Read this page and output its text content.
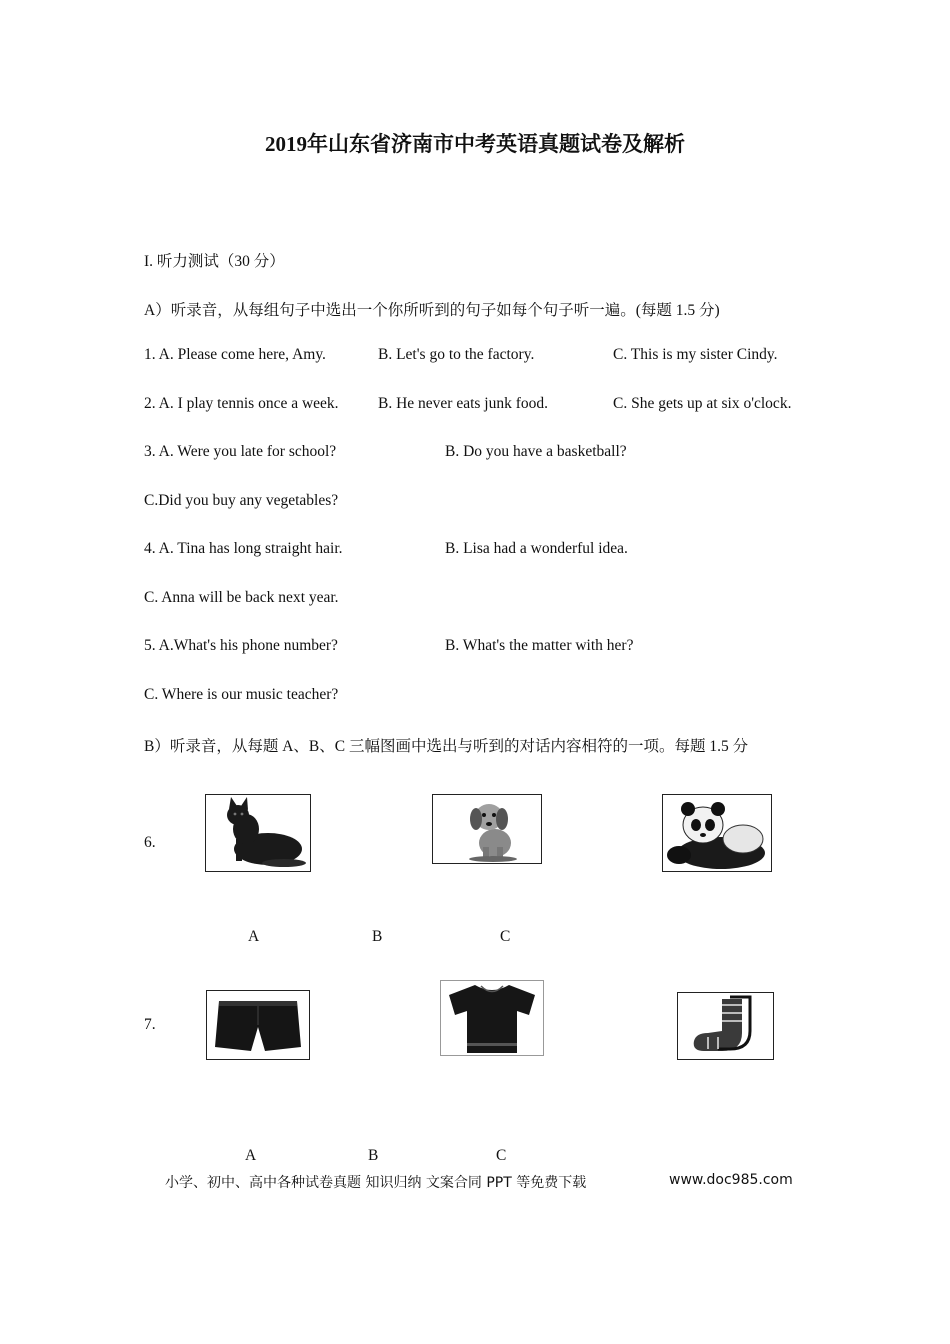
2019年山东省济南市中考英语真题试卷及解析
I. 听力测试（30 分）
A）听录音，从每组句子中选出一个你所听到的句子如每个句子听一遍。(每题 1.5 分)
1. A. Please come here, Amy.	B. Let's go to the factory.	C. This is my sister Cindy.
2. A. I play tennis once a week.	B. He never eats junk food.	C. She gets up at six o'clock.
3. A. Were you late for school?	B. Do you have a basketball?
C.Did you buy any vegetables?
4. A. Tina has long straight hair.	B. Lisa had a wonderful idea.
C. Anna will be back next year.
5. A.What's his phone number?	B. What's the matter with her?
C. Where is our music teacher?
B）听录音，从每题 A、B、C 三幅图画中选出与听到的对话内容相符的一项。每题 1.5 分
6.
A	B	C
7.
A	B	C
小学、初中、高中各种试卷真题 知识归纳 文案合同 PPT 等免费下载	www.doc985.com
